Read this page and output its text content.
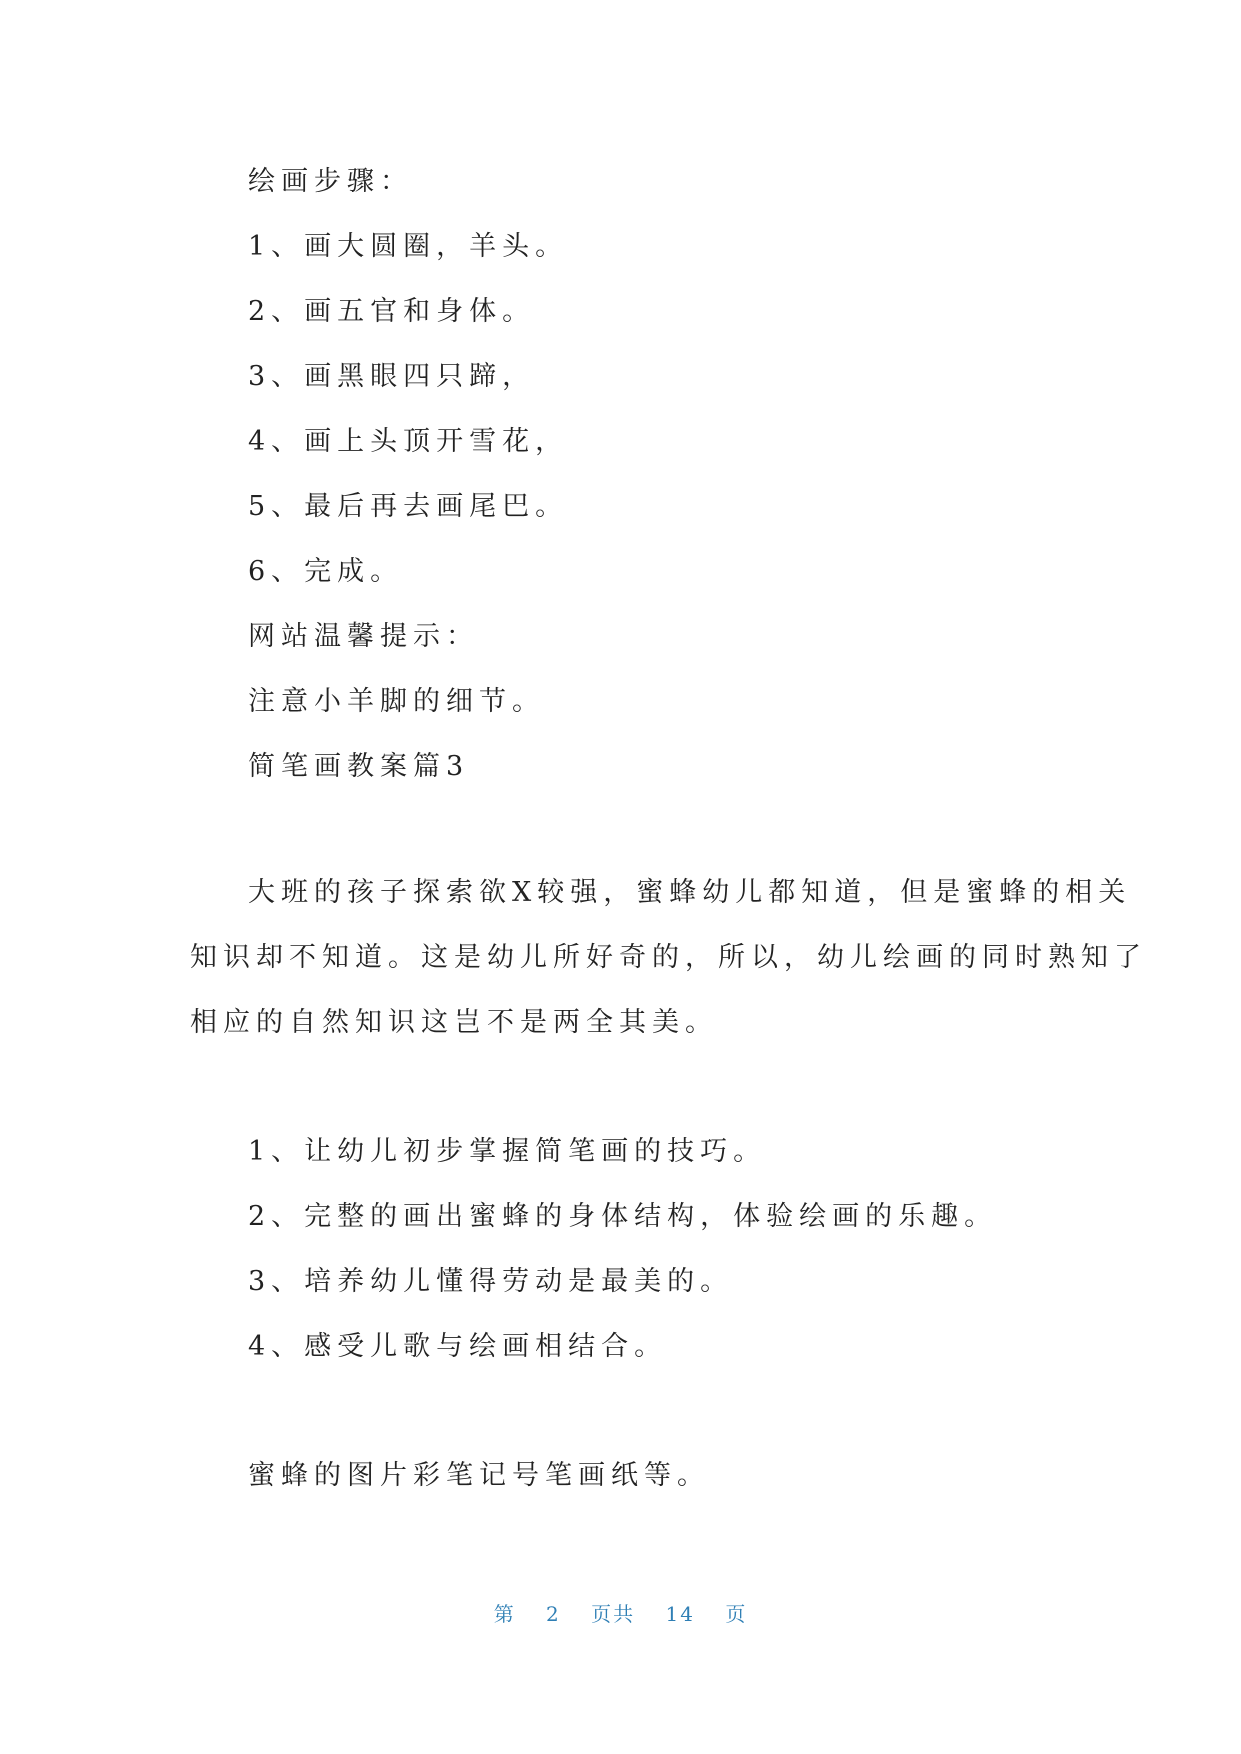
绘画步骤：
1、画大圆圈，羊头。
2、画五官和身体。
3、画黑眼四只蹄，
4、画上头顶开雪花，
5、最后再去画尾巴。
6、完成。
网站温馨提示：
注意小羊脚的细节。
简笔画教案篇3
大班的孩子探索欲X较强，蜜蜂幼儿都知道，但是蜜蜂的相关
知识却不知道。这是幼儿所好奇的，所以，幼儿绘画的同时熟知了
相应的自然知识这岂不是两全其美。
1、让幼儿初步掌握简笔画的技巧。
2、完整的画出蜜蜂的身体结构，体验绘画的乐趣。
3、培养幼儿懂得劳动是最美的。
4、感受儿歌与绘画相结合。
蜜蜂的图片彩笔记号笔画纸等。
第 2 页共 14 页
